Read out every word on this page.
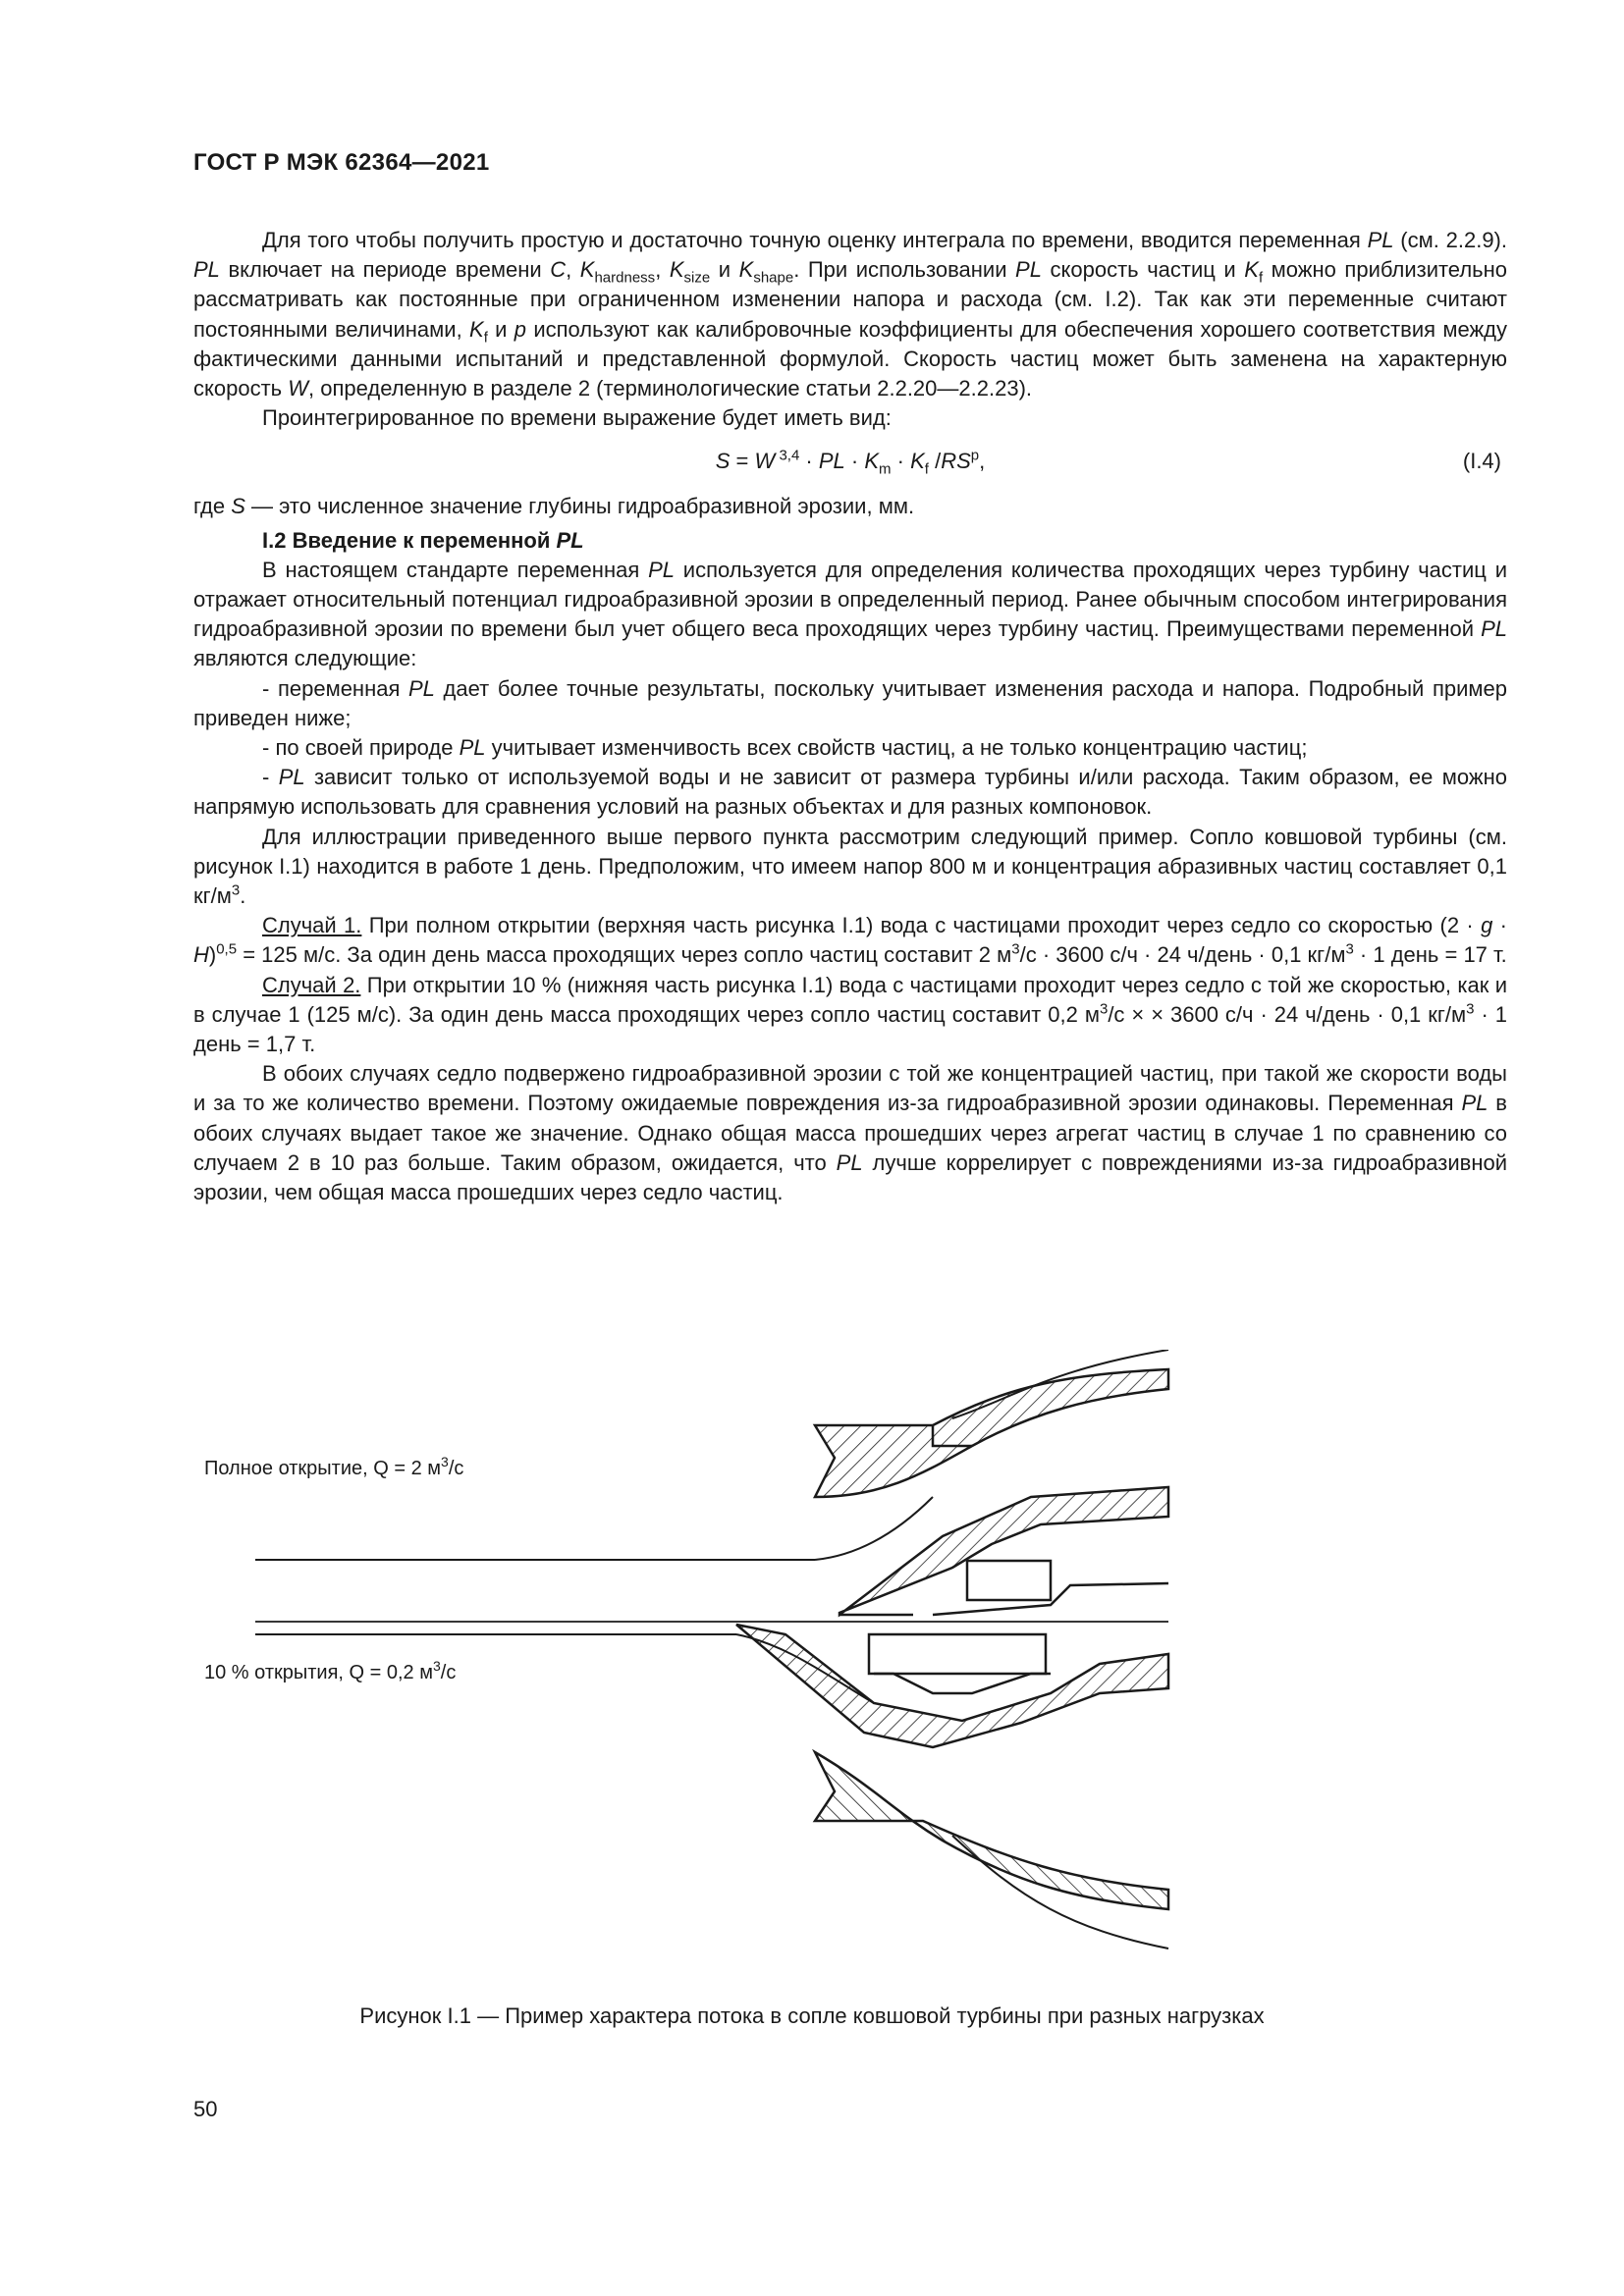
ГОСТ Р МЭК 62364—2021

Для того чтобы получить простую и достаточно точную оценку интеграла по времени, вводится переменная PL (см. 2.2.9). PL включает на периоде времени C, $K_{hardness}$, $K_{size}$ и $K_{shape}$. При использовании PL скорость частиц и $K_f$ можно приблизительно рассматривать как постоянные при ограниченном изменении напора и расхода (см. I.2). Так как эти переменные считают постоянными величинами, $K_f$ и p используют как калибровочные коэффициенты для обеспечения хорошего соответствия между фактическими данными испытаний и представленной формулой. Скорость частиц может быть заменена на характерную скорость W, определенную в разделе 2 (терминологические статьи 2.2.20—2.2.23).

Проинтегрированное по времени выражение будет иметь вид:

S = W $^{3,4}$ · PL · $K_m \cdot K_f$ $/RS^p$,	(I.4)

где S — это численное значение глубины гидроабразивной эрозии, мм.

I.2 Введение к переменной PL

В настоящем стандарте переменная PL используется для определения количества проходящих через турбину частиц и отражает относительный потенциал гидроабразивной эрозии в определенный период. Ранее обычным способом интегрирования гидроабразивной эрозии по времени был учет общего веса проходящих через турбину частиц. Преимуществами переменной PL являются следующие:

- переменная PL дает более точные результаты, поскольку учитывает изменения расхода и напора. Подробный пример приведен ниже;

- по своей природе PL учитывает изменчивость всех свойств частиц, а не только концентрацию частиц;

- PL зависит только от используемой воды и не зависит от размера турбины и/или расхода. Таким образом, ее можно напрямую использовать для сравнения условий на разных объектах и для разных компоновок.

Для иллюстрации приведенного выше первого пункта рассмотрим следующий пример. Сопло ковшовой турбины (см. рисунок I.1) находится в работе 1 день. Предположим, что имеем напор 800 м и концентрация абразивных частиц составляет 0,1 $кг/м^3$.

Случай 1. При полном открытии (верхняя часть рисунка I.1) вода с частицами проходит через седло со скоростью $(2 \cdot g \cdot H)^{0,5} = 125$ м/с. За один день масса проходящих через сопло частиц составит 2 $м^3/с \cdot 3600$ с/ч · 24 ч/день · 0,1 $кг/м^3 \cdot 1$ день = 17 т.

Случай 2. При открытии 10 % (нижняя часть рисунка I.1) вода с частицами проходит через седло с той же скоростью, как и в случае 1 (125 м/с). За один день масса проходящих через сопло частиц составит 0,2 $м^3/с$ × × 3600 с/ч · 24 ч/день · 0,1 $кг/м^3 \cdot 1$ день = 1,7 т.

В обоих случаях седло подвержено гидроабразивной эрозии с той же концентрацией частиц, при такой же скорости воды и за то же количество времени. Поэтому ожидаемые повреждения из-за гидроабразивной эрозии одинаковы. Переменная PL в обоих случаях выдает такое же значение. Однако общая масса прошедших через агрегат частиц в случае 1 по сравнению со случаем 2 в 10 раз больше. Таким образом, ожидается, что PL лучше коррелирует с повреждениями из-за гидроабразивной эрозии, чем общая масса прошедших через седло частиц.

Полное открытие, Q = 2 $м^3/с$
10 % открытия, Q = 0,2 $м^3/с$
Рисунок I.1 — Пример характера потока в сопле ковшовой турбины при разных нагрузках
50
